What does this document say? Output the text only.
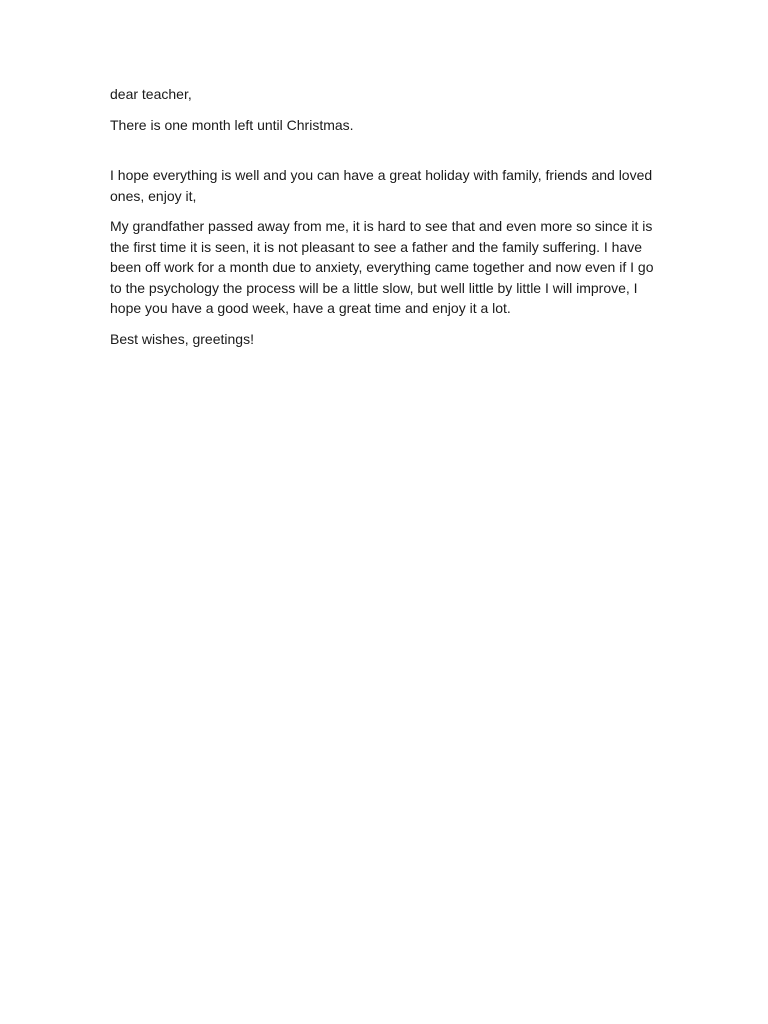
dear teacher,

There is one month left until Christmas.

I hope everything is well and you can have a great holiday with family, friends and loved ones, enjoy it,

My grandfather passed away from me, it is hard to see that and even more so since it is the first time it is seen, it is not pleasant to see a father and the family suffering. I have been off work for a month due to anxiety, everything came together and now even if I go to the psychology the process will be a little slow, but well little by little I will improve, I hope you have a good week, have a great time and enjoy it a lot.

Best wishes, greetings!
